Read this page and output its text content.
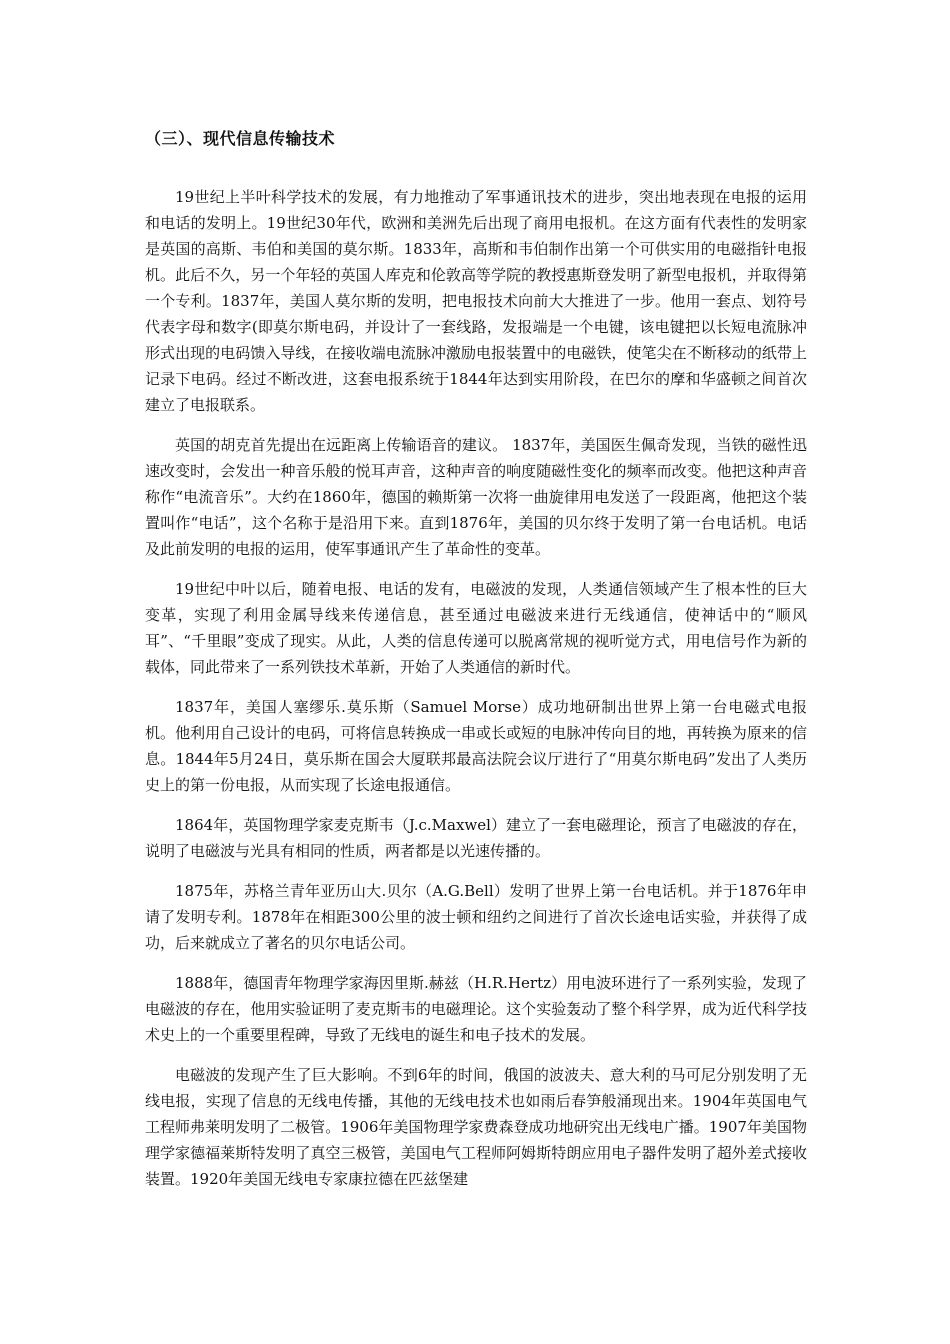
（三）、现代信息传输技术

19世纪上半叶科学技术的发展，有力地推动了军事通讯技术的进步，突出地表现在电报的运用和电话的发明上。19世纪30年代，欧洲和美洲先后出现了商用电报机。在这方面有代表性的发明家是英国的高斯、韦伯和美国的莫尔斯。1833年，高斯和韦伯制作出第一个可供实用的电磁指针电报机。此后不久，另一个年轻的英国人库克和伦敦高等学院的教授惠斯登发明了新型电报机，并取得第一个专利。1837年，美国人莫尔斯的发明，把电报技术向前大大推进了一步。他用一套点、划符号代表字母和数字(即莫尔斯电码，并设计了一套线路，发报端是一个电键，该电键把以长短电流脉冲形式出现的电码馈入导线，在接收端电流脉冲激励电报装置中的电磁铁，使笔尖在不断移动的纸带上记录下电码。经过不断改进，这套电报系统于1844年达到实用阶段，在巴尔的摩和华盛顿之间首次建立了电报联系。

英国的胡克首先提出在远距离上传输语音的建议。 1837年，美国医生佩奇发现，当铁的磁性迅速改变时，会发出一种音乐般的悦耳声音，这种声音的响度随磁性变化的频率而改变。他把这种声音称作“电流音乐”。大约在1860年，德国的赖斯第一次将一曲旋律用电发送了一段距离，他把这个装置叫作“电话”，这个名称于是沿用下来。直到1876年，美国的贝尔终于发明了第一台电话机。电话及此前发明的电报的运用，使军事通讯产生了革命性的变革。

19世纪中叶以后，随着电报、电话的发有，电磁波的发现，人类通信领域产生了根本性的巨大变革，实现了利用金属导线来传递信息，甚至通过电磁波来进行无线通信，使神话中的“顺风耳”、“千里眼”变成了现实。从此，人类的信息传递可以脱离常规的视听觉方式，用电信号作为新的载体，同此带来了一系列铁技术革新，开始了人类通信的新时代。

1837年，美国人塞缪乐.莫乐斯（Samuel Morse）成功地研制出世界上第一台电磁式电报机。他利用自己设计的电码，可将信息转换成一串或长或短的电脉冲传向目的地，再转换为原来的信息。1844年5月24日，莫乐斯在国会大厦联邦最高法院会议厅进行了“用莫尔斯电码”发出了人类历史上的第一份电报，从而实现了长途电报通信。

1864年，英国物理学家麦克斯韦（J.c.Maxwel）建立了一套电磁理论，预言了电磁波的存在，说明了电磁波与光具有相同的性质，两者都是以光速传播的。

1875年，苏格兰青年亚历山大.贝尔（A.G.Bell）发明了世界上第一台电话机。并于1876年申请了发明专利。1878年在相距300公里的波士顿和纽约之间进行了首次长途电话实验，并获得了成功，后来就成立了著名的贝尔电话公司。

1888年，德国青年物理学家海因里斯.赫兹（H.R.Hertz）用电波环进行了一系列实验，发现了电磁波的存在，他用实验证明了麦克斯韦的电磁理论。这个实验轰动了整个科学界，成为近代科学技术史上的一个重要里程碑，导致了无线电的诞生和电子技术的发展。

电磁波的发现产生了巨大影响。不到6年的时间，俄国的波波夫、意大利的马可尼分别发明了无线电报，实现了信息的无线电传播，其他的无线电技术也如雨后春笋般涌现出来。1904年英国电气工程师弗莱明发明了二极管。1906年美国物理学家费森登成功地研究出无线电广播。1907年美国物理学家德福莱斯特发明了真空三极管，美国电气工程师阿姆斯特朗应用电子器件发明了超外差式接收装置。1920年美国无线电专家康拉德在匹兹堡建
